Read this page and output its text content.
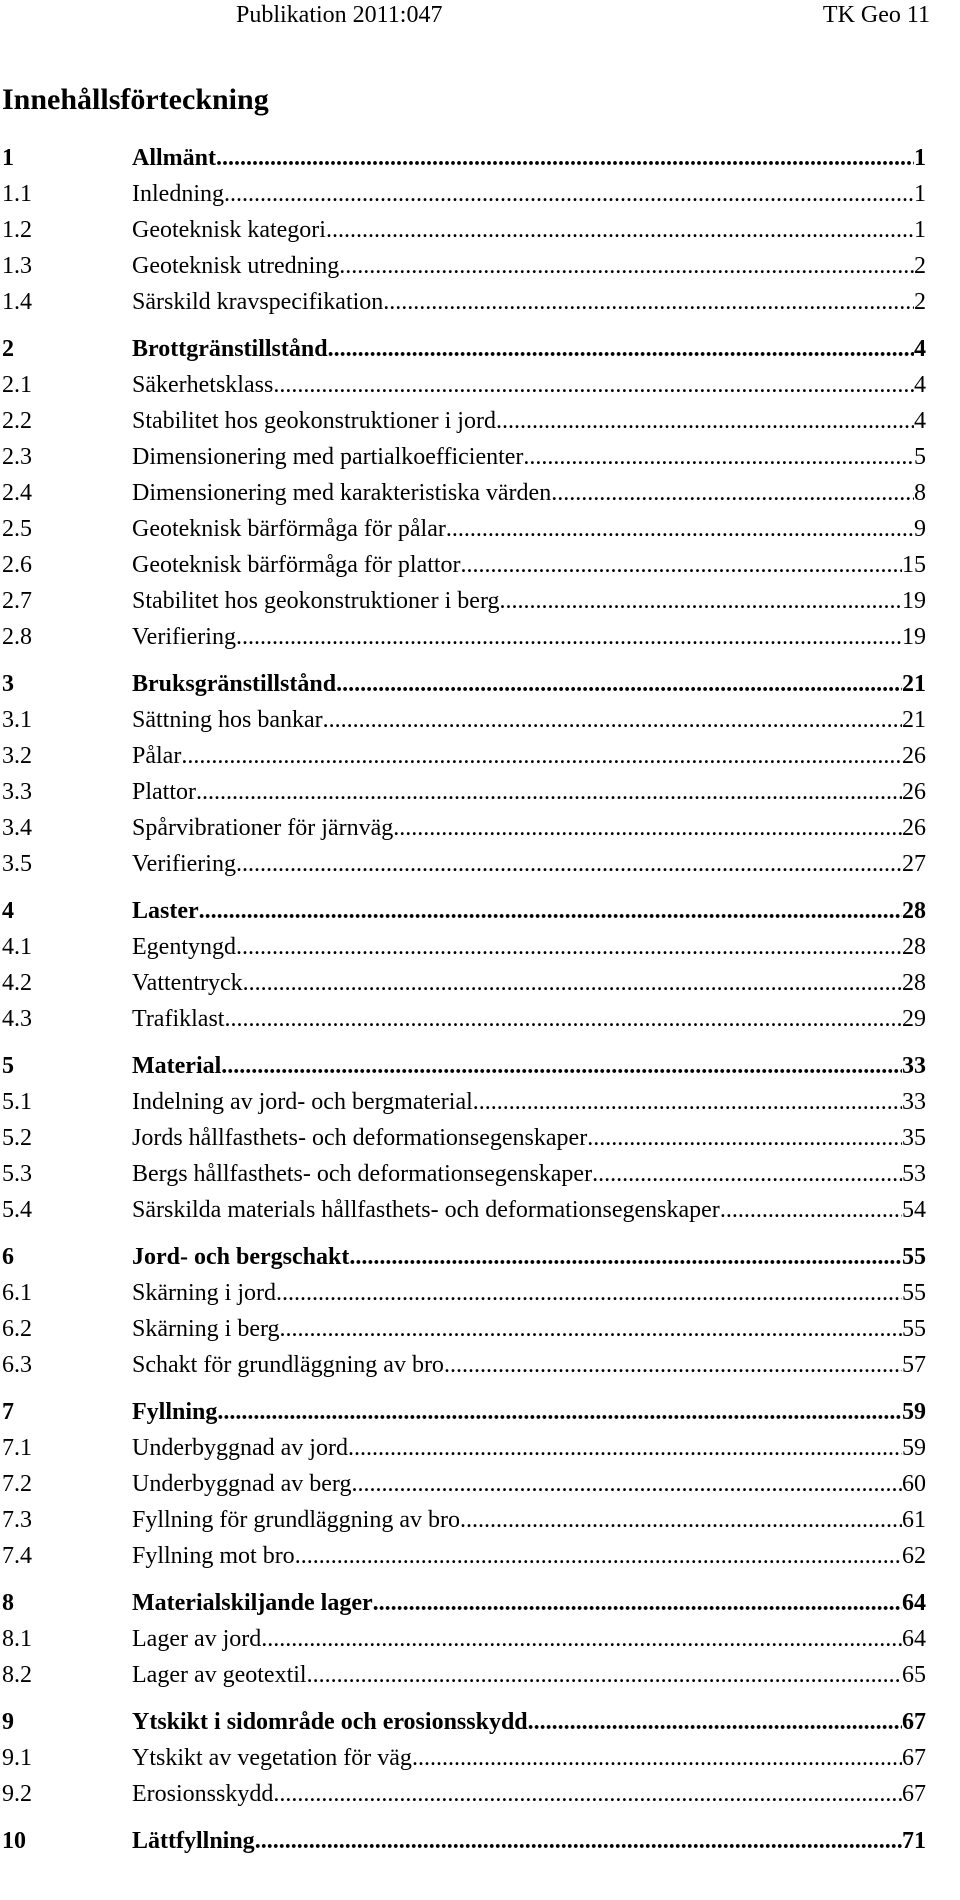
Publikation 2011:047	TK Geo 11
Innehållsförteckning
1	Allmänt .....	1
1.1	Inledning .....	1
1.2	Geoteknisk kategori .....	1
1.3	Geoteknisk utredning .....	2
1.4	Särskild kravspecifikation .....	2
2	Brottgränstillstånd .....	4
2.1	Säkerhetsklass .....	4
2.2	Stabilitet hos geokonstruktioner i jord .....	4
2.3	Dimensionering med partialkoefficienter .....	5
2.4	Dimensionering med karakteristiska värden .....	8
2.5	Geoteknisk bärförmåga för pålar .....	9
2.6	Geoteknisk bärförmåga för plattor .....	15
2.7	Stabilitet hos geokonstruktioner i berg .....	19
2.8	Verifiering .....	19
3	Bruksgränstillstånd .....	21
3.1	Sättning hos bankar .....	21
3.2	Pålar .....	26
3.3	Plattor .....	26
3.4	Spårvibrationer för järnväg .....	26
3.5	Verifiering .....	27
4	Laster .....	28
4.1	Egentyngd .....	28
4.2	Vattentryck .....	28
4.3	Trafiklast .....	29
5	Material .....	33
5.1	Indelning av jord- och bergmaterial .....	33
5.2	Jords hållfasthets- och deformationsegenskaper .....	35
5.3	Bergs hållfasthets- och deformationsegenskaper .....	53
5.4	Särskilda materials hållfasthets- och deformationsegenskaper .....	54
6	Jord- och bergschakt .....	55
6.1	Skärning i jord .....	55
6.2	Skärning i berg .....	55
6.3	Schakt för grundläggning av bro .....	57
7	Fyllning .....	59
7.1	Underbyggnad av jord .....	59
7.2	Underbyggnad av berg .....	60
7.3	Fyllning för grundläggning av bro .....	61
7.4	Fyllning mot bro .....	62
8	Materialskiljande lager .....	64
8.1	Lager av jord .....	64
8.2	Lager av geotextil .....	65
9	Ytskikt i sidområde och erosionsskydd .....	67
9.1	Ytskikt av vegetation för väg .....	67
9.2	Erosionsskydd .....	67
10	Lättfyllning .....	71
